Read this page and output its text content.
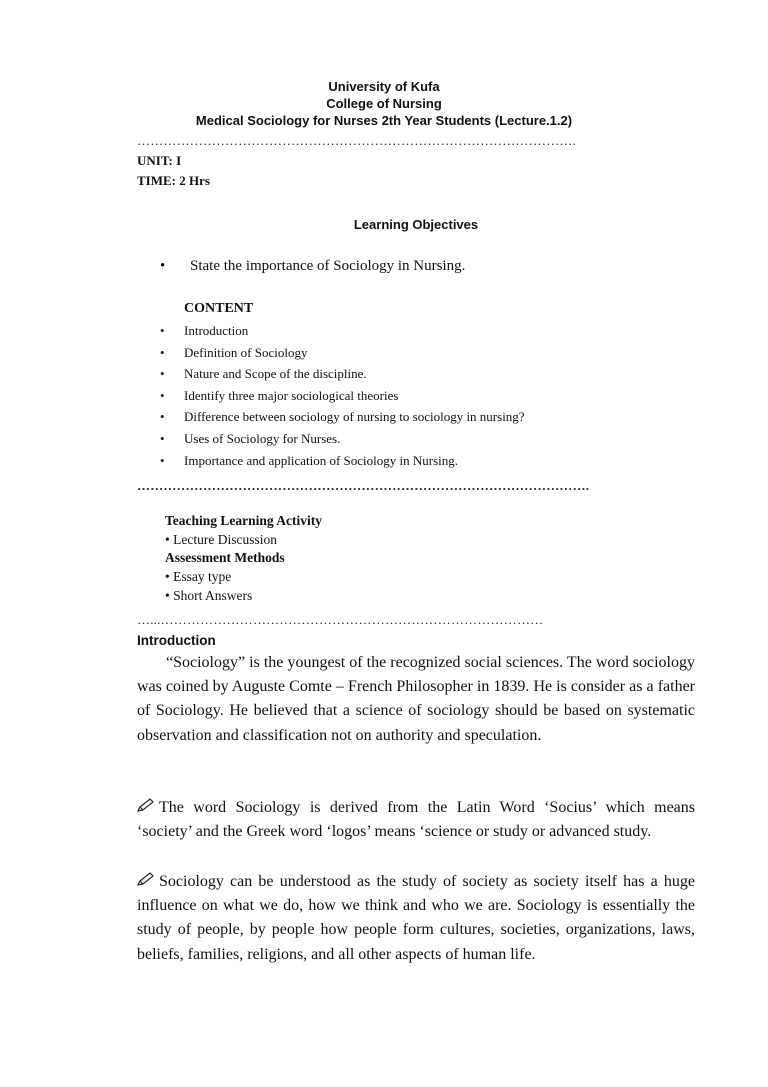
University of Kufa
College of Nursing
Medical Sociology for Nurses 2th Year Students (Lecture.1.2)
……………………………………………………………………………………….
UNIT: I
TIME: 2 Hrs
Learning Objectives
• State the importance of Sociology in Nursing.
CONTENT
• Introduction
• Definition of Sociology
• Nature and Scope of the discipline.
• Identify three major sociological theories
• Difference between sociology of nursing to sociology in nursing?
• Uses of Sociology for Nurses.
• Importance and application of Sociology in Nursing.
………………………………………………………………………………………….
Teaching Learning Activity
• Lecture Discussion
Assessment Methods
• Essay type
• Short Answers
…...……………………………………………………………………………
Introduction

“Sociology” is the youngest of the recognized social sciences. The word sociology was coined by Auguste Comte – French Philosopher in 1839. He is consider as a father of Sociology. He believed that a science of sociology should be based on systematic observation and classification not on authority and speculation.

The word Sociology is derived from the Latin Word ‘Socius’ which means ‘society’ and the Greek word ‘logos’ means ‘science or study or advanced study.
Sociology can be understood as the study of society as society itself has a huge influence on what we do, how we think and who we are. Sociology is essentially the study of people, by people how people form cultures, societies, organizations, laws, beliefs, families, religions, and all other aspects of human life.
